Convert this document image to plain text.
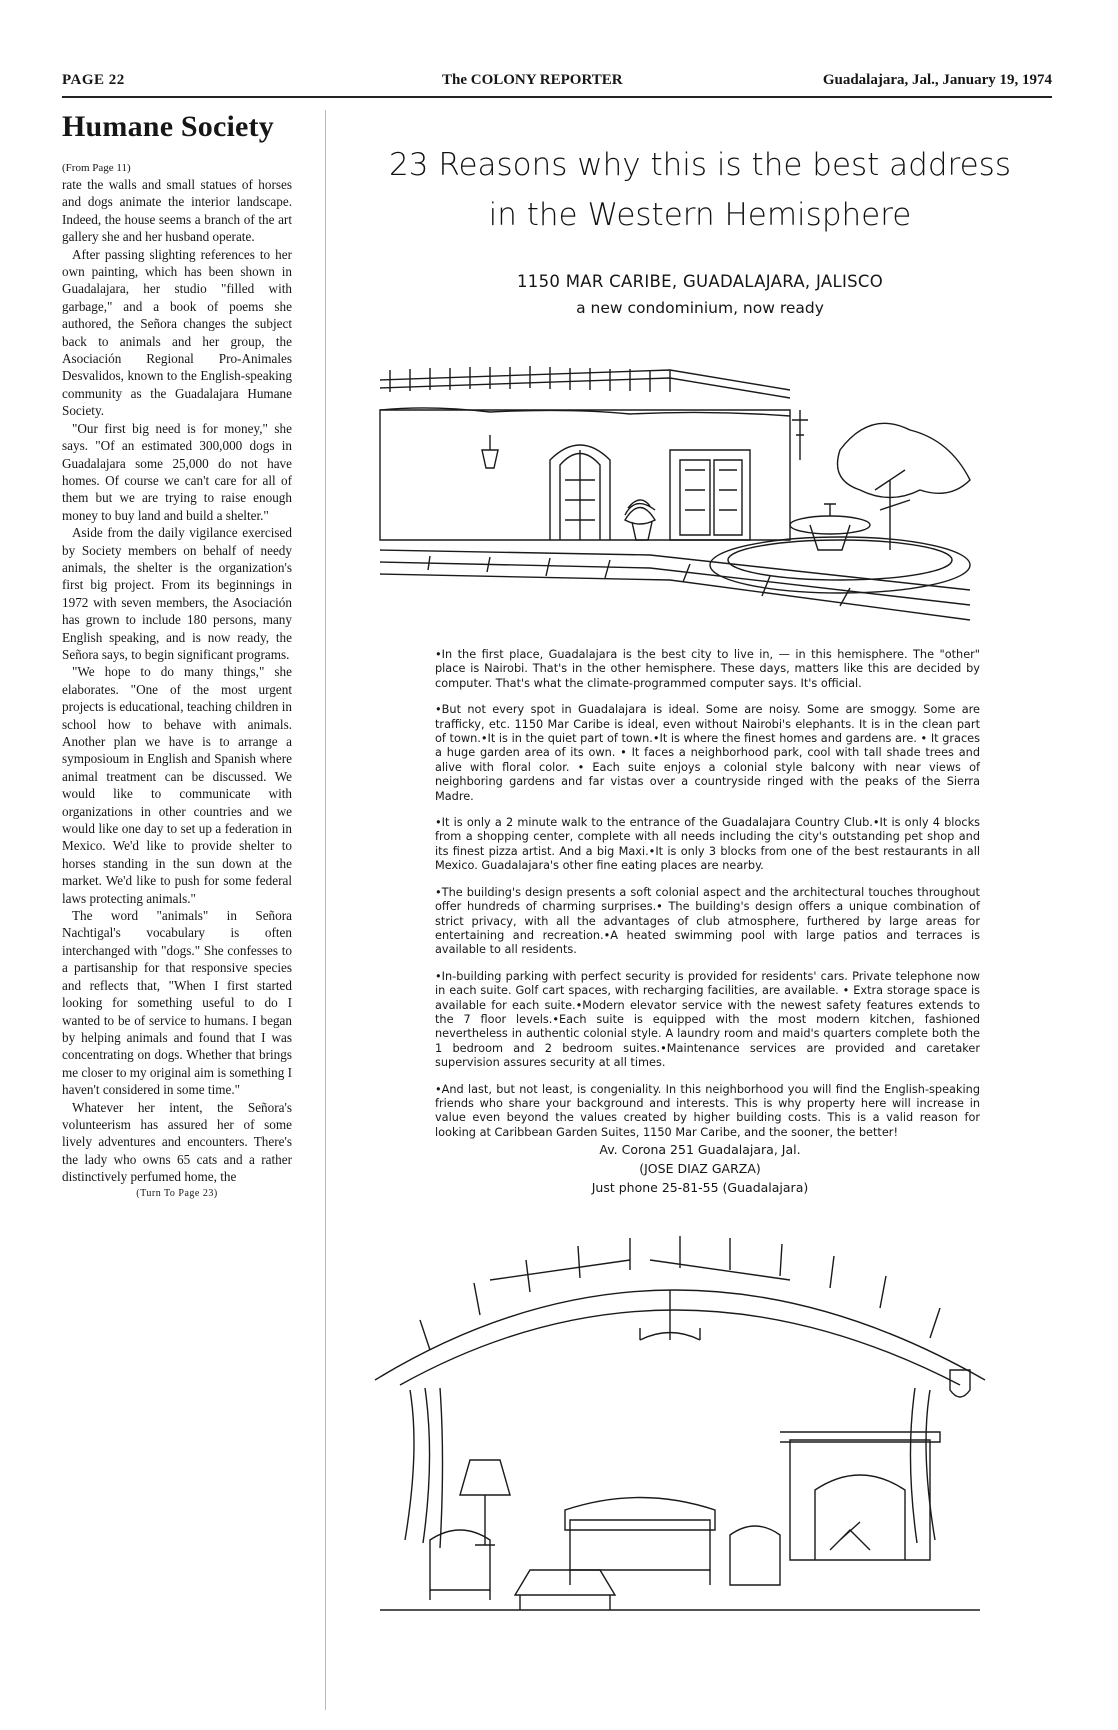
PAGE 22	The COLONY REPORTER	Guadalajara, Jal., January 19, 1974
Humane Society
(From Page 11)

rate the walls and small statues of horses and dogs animate the interior landscape. Indeed, the house seems a branch of the art gallery she and her husband operate.

After passing slighting references to her own painting, which has been shown in Guadalajara, her studio "filled with garbage," and a book of poems she authored, the Señora changes the subject back to animals and her group, the Asociación Regional Pro-Animales Desvalidos, known to the English-speaking community as the Guadalajara Humane Society.

"Our first big need is for money," she says. "Of an estimated 300,000 dogs in Guadalajara some 25,000 do not have homes. Of course we can't care for all of them but we are trying to raise enough money to buy land and build a shelter."

Aside from the daily vigilance exercised by Society members on behalf of needy animals, the shelter is the organization's first big project. From its beginnings in 1972 with seven members, the Asociación has grown to include 180 persons, many English speaking, and is now ready, the Señora says, to begin significant programs.

"We hope to do many things," she elaborates. "One of the most urgent projects is educational, teaching children in school how to behave with animals. Another plan we have is to arrange a symposioum in English and Spanish where animal treatment can be discussed. We would like to communicate with organizations in other countries and we would like one day to set up a federation in Mexico. We'd like to provide shelter to horses standing in the sun down at the market. We'd like to push for some federal laws protecting animals."

The word "animals" in Señora Nachtigal's vocabulary is often interchanged with "dogs." She confesses to a partisanship for that responsive species and reflects that, "When I first started looking for something useful to do I wanted to be of service to humans. I began by helping animals and found that I was concentrating on dogs. Whether that brings me closer to my original aim is something I haven't considered in some time."

Whatever her intent, the Señora's volunteerism has assured her of some lively adventures and encounters. There's the lady who owns 65 cats and a rather distinctively perfumed home, the

(Turn To Page 23)

23 Reasons why this is the best address

in the Western Hemisphere

1150 MAR CARIBE, GUADALAJARA, JALISCO
a new condominium, now ready
•In the first place, Guadalajara is the best city to live in, — in this hemisphere. The "other" place is Nairobi. That's in the other hemisphere. These days, matters like this are decided by computer. That's what the climate-programmed computer says. It's official.
•But not every spot in Guadalajara is ideal. Some are noisy. Some are smoggy. Some are trafficky, etc. 1150 Mar Caribe is ideal, even without Nairobi's elephants. It is in the clean part of town.•It is in the quiet part of town.•It is where the finest homes and gardens are. • It graces a huge garden area of its own. • It faces a neighborhood park, cool with tall shade trees and alive with floral color. • Each suite enjoys a colonial style balcony with near views of neighboring gardens and far vistas over a countryside ringed with the peaks of the Sierra Madre.
•It is only a 2 minute walk to the entrance of the Guadalajara Country Club.•It is only 4 blocks from a shopping center, complete with all needs including the city's outstanding pet shop and its finest pizza artist. And a big Maxi.•It is only 3 blocks from one of the best restaurants in all Mexico. Guadalajara's other fine eating places are nearby.
•The building's design presents a soft colonial aspect and the architectural touches throughout offer hundreds of charming surprises.• The building's design offers a unique combination of strict privacy, with all the advantages of club atmosphere, furthered by large areas for entertaining and recreation.•A heated swimming pool with large patios and terraces is available to all residents.
•In-building parking with perfect security is provided for residents' cars. Private telephone now in each suite. Golf cart spaces, with recharging facilities, are available. • Extra storage space is available for each suite.•Modern elevator service with the newest safety features extends to the 7 floor levels.•Each suite is equipped with the most modern kitchen, fashioned nevertheless in authentic colonial style. A laundry room and maid's quarters complete both the 1 bedroom and 2 bedroom suites.•Maintenance services are provided and caretaker supervision assures security at all times.
•And last, but not least, is congeniality. In this neighborhood you will find the English-speaking friends who share your background and interests. This is why property here will increase in value even beyond the values created by higher building costs. This is a valid reason for looking at Caribbean Garden Suites, 1150 Mar Caribe, and the sooner, the better!
Av. Corona 251 Guadalajara, Jal.
(JOSE DIAZ GARZA)
Just phone 25-81-55 (Guadalajara)
